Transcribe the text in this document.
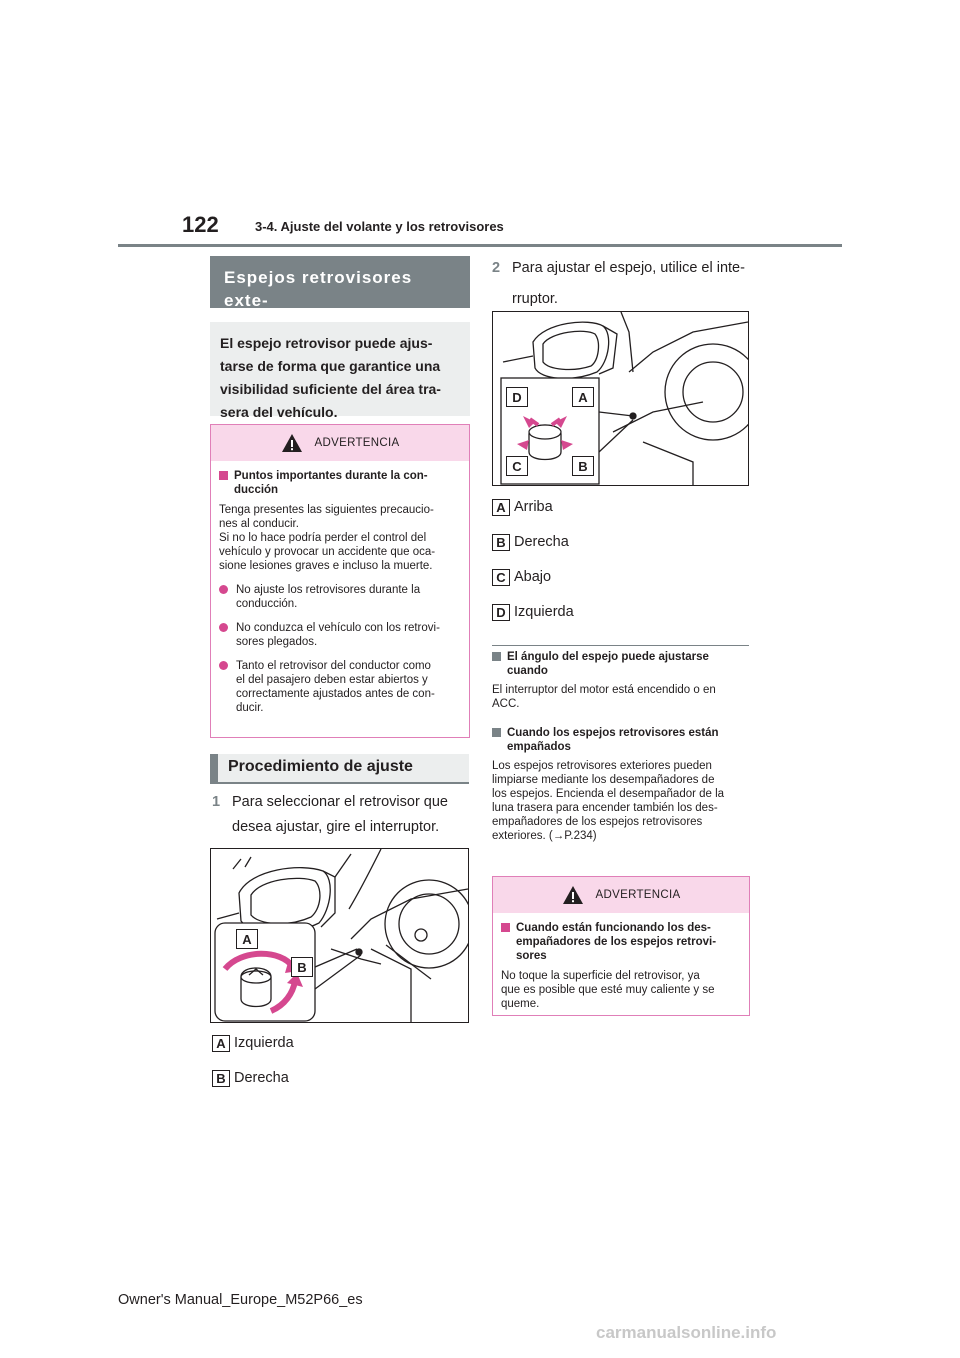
122	3-4. Ajuste del volante y los retrovisores
Espejos retrovisores exte-
El espejo retrovisor puede ajus-
tarse de forma que garantice una
visibilidad suficiente del área tra-
sera del vehículo.
ADVERTENCIA
Puntos importantes durante la con-
ducción

Tenga presentes las siguientes precaucio-
nes al conducir.
Si no lo hace podría perder el control del
vehículo y provocar un accidente que oca-
sione lesiones graves e incluso la muerte.

No ajuste los retrovisores durante la
conducción.
No conduzca el vehículo con los retrovi-
sores plegados.
Tanto el retrovisor del conductor como
el del pasajero deben estar abiertos y
correctamente ajustados antes de con-
ducir.
Procedimiento de ajuste
1 Para seleccionar el retrovisor que
desea ajustar, gire el interruptor.
A
B
A Izquierda
B Derecha
2 Para ajustar el espejo, utilice el inte-
rruptor.
D	A
C	B
A Arriba
B Derecha
C Abajo
D Izquierda
El ángulo del espejo puede ajustarse
cuando
El interruptor del motor está encendido o en
ACC.
Cuando los espejos retrovisores están
empañados
Los espejos retrovisores exteriores pueden
limpiarse mediante los desempañadores de
los espejos. Encienda el desempañador de la
luna trasera para encender también los des-
empañadores de los espejos retrovisores
exteriores. (→P.234)
ADVERTENCIA
Cuando están funcionando los des-
empañadores de los espejos retrovi-
sores

No toque la superficie del retrovisor, ya
que es posible que esté muy caliente y se
queme.

Owner's Manual_Europe_M52P66_es
carmanualsonline.info
